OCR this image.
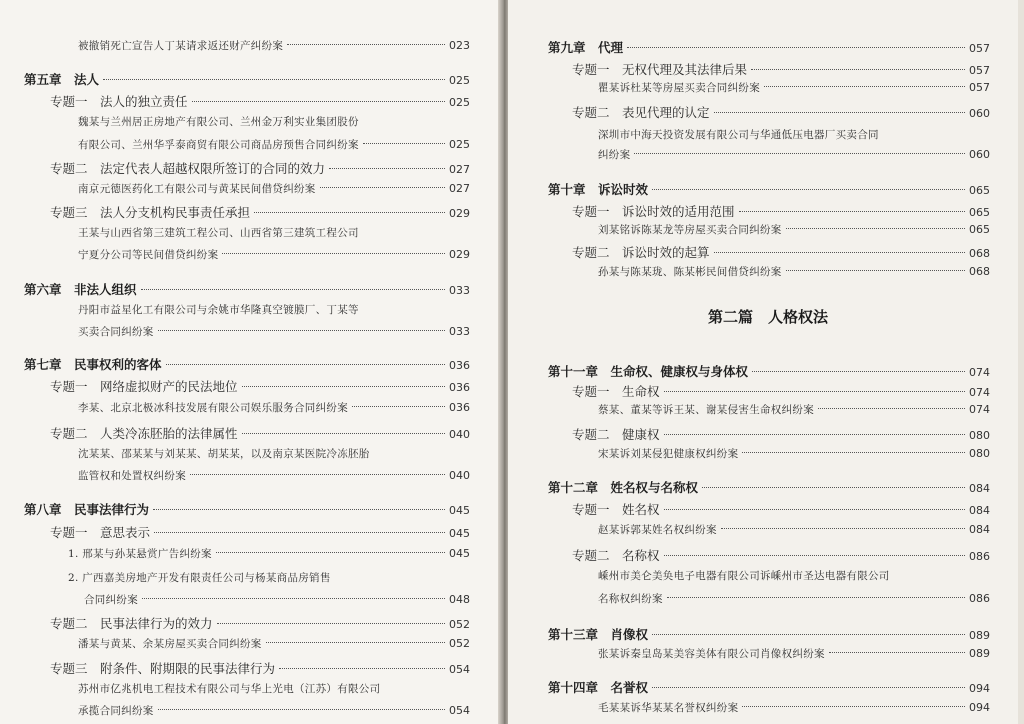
被撤销死亡宣告人丁某请求返还财产纠纷案	023
第五章　法人	025
专题一　法人的独立责任	025
魏某与兰州居正房地产有限公司、兰州金万利实业集团股份
有限公司、兰州华孚泰商贸有限公司商品房预售合同纠纷案	025
专题二　法定代表人超越权限所签订的合同的效力	027
南京元德医药化工有限公司与黄某民间借贷纠纷案	027
专题三　法人分支机构民事责任承担	029
王某与山西省第三建筑工程公司、山西省第三建筑工程公司
宁夏分公司等民间借贷纠纷案	029
第六章　非法人组织	033
丹阳市益星化工有限公司与余姚市华隆真空镀膜厂、丁某等
买卖合同纠纷案	033
第七章　民事权利的客体	036
专题一　网络虚拟财产的民法地位	036
李某、北京北极冰科技发展有限公司娱乐服务合同纠纷案	036
专题二　人类冷冻胚胎的法律属性	040
沈某某、邵某某与刘某某、胡某某，以及南京某医院冷冻胚胎
监管权和处置权纠纷案	040
第八章　民事法律行为	045
专题一　意思表示	045
1. 邢某与孙某悬赏广告纠纷案	045
2. 广西嘉美房地产开发有限责任公司与杨某商品房销售
合同纠纷案	048
专题二　民事法律行为的效力	052
潘某与黄某、余某房屋买卖合同纠纷案	052
专题三　附条件、附期限的民事法律行为	054
苏州市亿兆机电工程技术有限公司与华上光电（江苏）有限公司
承揽合同纠纷案	054
第九章　代理	057
专题一　无权代理及其法律后果	057
瞿某诉杜某等房屋买卖合同纠纷案	057
专题二　表见代理的认定	060
深圳市中海天投资发展有限公司与华通低压电器厂买卖合同
纠纷案	060
第十章　诉讼时效	065
专题一　诉讼时效的适用范围	065
刘某铭诉陈某龙等房屋买卖合同纠纷案	065
专题二　诉讼时效的起算	068
孙某与陈某珑、陈某彬民间借贷纠纷案	068
第二篇　人格权法
第十一章　生命权、健康权与身体权	074
专题一　生命权	074
蔡某、董某等诉王某、谢某侵害生命权纠纷案	074
专题二　健康权	080
宋某诉刘某侵犯健康权纠纷案	080
第十二章　姓名权与名称权	084
专题一　姓名权	084
赵某诉郭某姓名权纠纷案	084
专题二　名称权	086
嵊州市美仑美奂电子电器有限公司诉嵊州市圣达电器有限公司
名称权纠纷案	086
第十三章　肖像权	089
张某诉秦皇岛某美容美体有限公司肖像权纠纷案	089
第十四章　名誉权	094
毛某某诉华某某名誉权纠纷案	094
